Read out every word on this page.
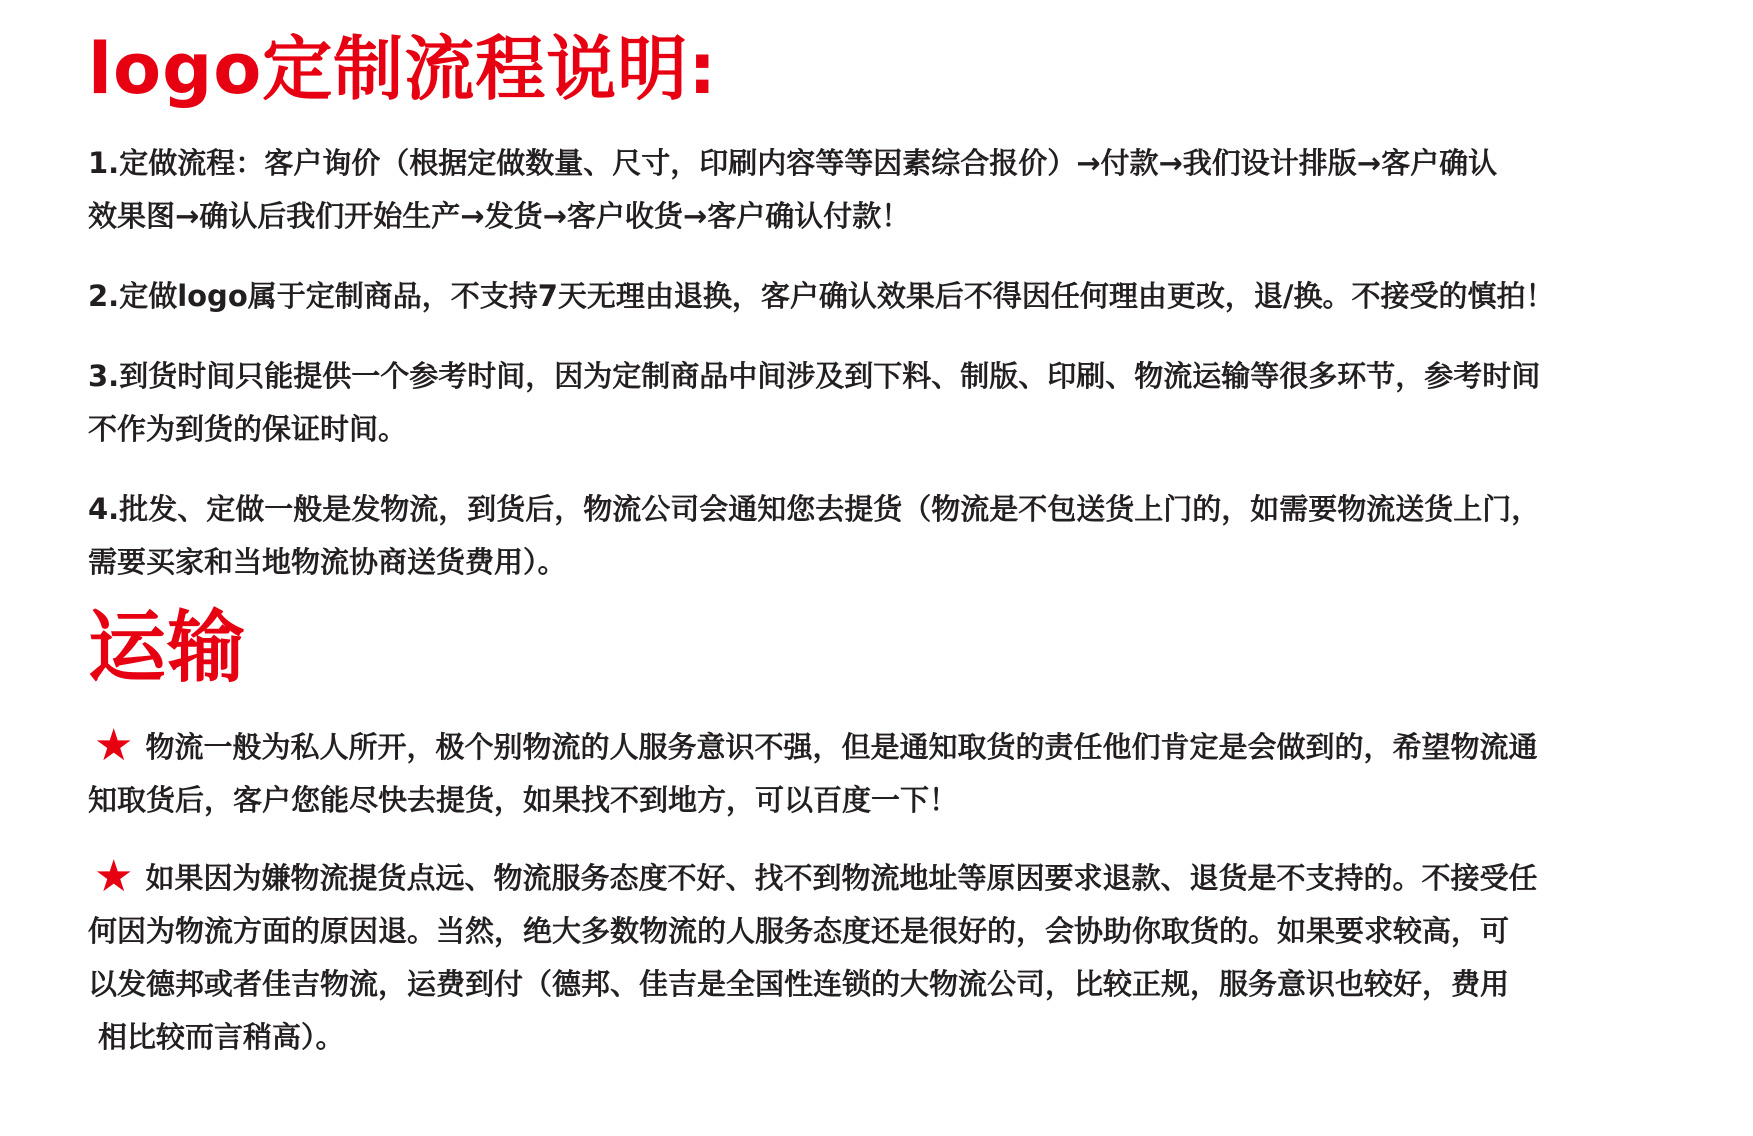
logo定制流程说明:

1.定做流程：客户询价（根据定做数量、尺寸，印刷内容等等因素综合报价）→付款→我们设计排版→客户确认
效果图→确认后我们开始生产→发货→客户收货→客户确认付款！

2.定做logo属于定制商品，不支持7天无理由退换，客户确认效果后不得因任何理由更改，退/换。不接受的慎拍！

3.到货时间只能提供一个参考时间，因为定制商品中间涉及到下料、制版、印刷、物流运输等很多环节，参考时间
不作为到货的保证时间。

4.批发、定做一般是发物流，到货后，物流公司会通知您去提货（物流是不包送货上门的，如需要物流送货上门，
需要买家和当地物流协商送货费用）。

运输

★ 物流一般为私人所开，极个别物流的人服务意识不强，但是通知取货的责任他们肯定是会做到的，希望物流通
知取货后，客户您能尽快去提货，如果找不到地方，可以百度一下！

★ 如果因为嫌物流提货点远、物流服务态度不好、找不到物流地址等原因要求退款、退货是不支持的。不接受任
何因为物流方面的原因退。当然，绝大多数物流的人服务态度还是很好的，会协助你取货的。如果要求较高，可
以发德邦或者佳吉物流，运费到付（德邦、佳吉是全国性连锁的大物流公司，比较正规，服务意识也较好，费用
相比较而言稍高）。
